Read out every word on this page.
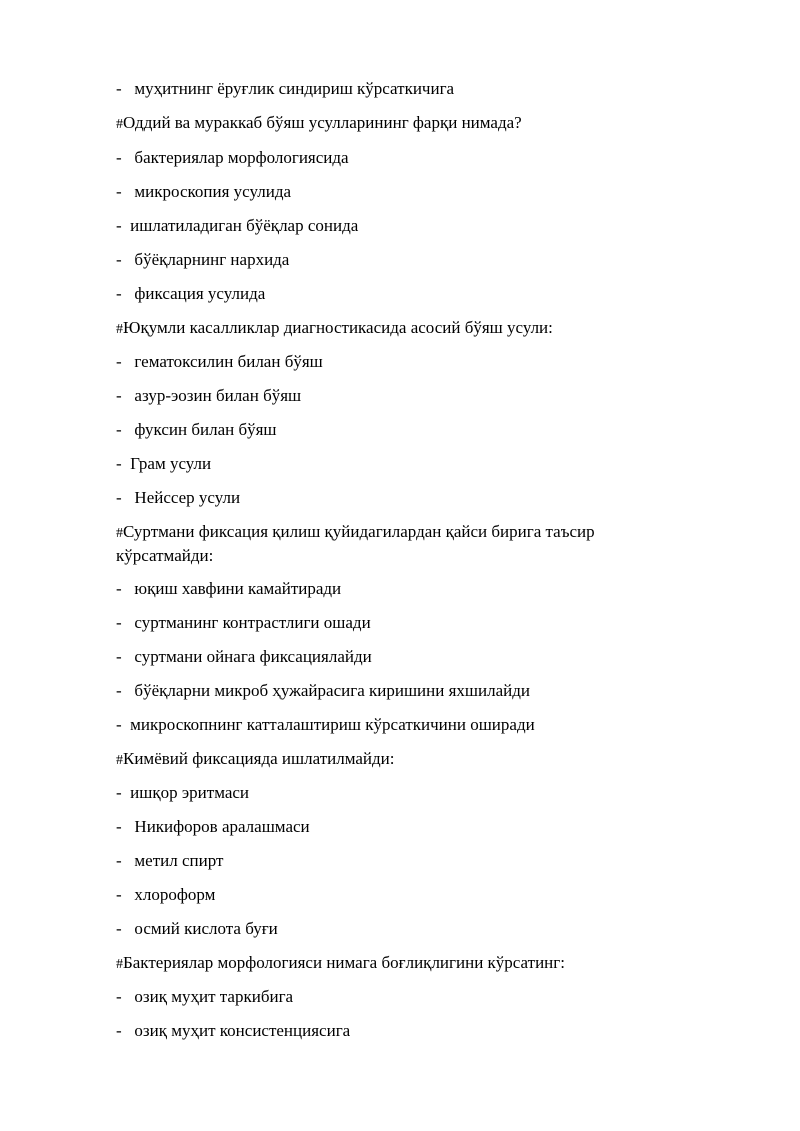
- муҳитнинг ёруғлик синдириш кўрсаткичига
#Оддий ва мураккаб бўяш усулларининг фарқи нимада?
- бактериялар морфологиясида
- микроскопия усулида
- ишлатиладиган бўёқлар сонида
- бўёқларнинг нархида
- фиксация усулида
#Юқумли касалликлар диагностикасида асосий бўяш усули:
- гематоксилин билан бўяш
- азур-эозин билан бўяш
- фуксин билан бўяш
- Грам усули
- Нейссер усули
#Суртмани фиксация қилиш қуйидагилардан қайси бирига таъсир кўрсатмайди:
- юқиш хавфини камайтиради
- суртманинг контрастлиги ошади
- суртмани ойнага фиксациялайди
- бўёқларни микроб ҳужайрасига киришини яхшилайди
- микроскопнинг катталаштириш кўрсаткичини оширади
#Кимёвий фиксацияда ишлатилмайди:
- ишқор эритмаси
- Никифоров аралашмаси
- метил спирт
- хлороформ
- осмий кислота буғи
#Бактериялар морфологияси нимага боғлиқлигини кўрсатинг:
- озиқ муҳит таркибига
- озиқ муҳит консистенциясига
